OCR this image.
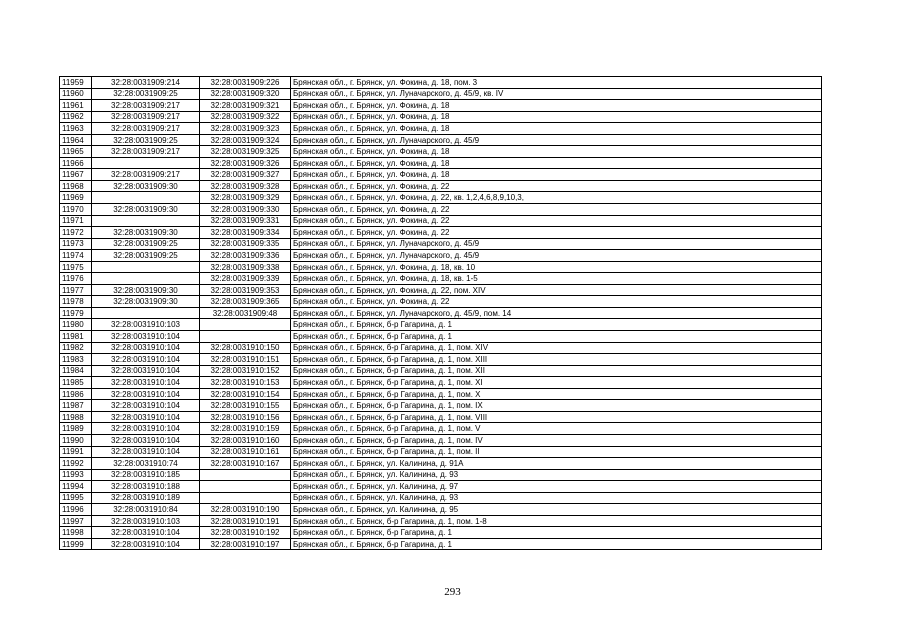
11959	32:28:0031909:214	32:28:0031909:226	Брянская обл., г. Брянск, ул. Фокина, д. 18, пом. 3
11960	32:28:0031909:25	32:28:0031909:320	Брянская обл., г. Брянск, ул. Луначарского, д. 45/9, кв. IV
11961	32:28:0031909:217	32:28:0031909:321	Брянская обл., г. Брянск, ул. Фокина, д. 18
11962	32:28:0031909:217	32:28:0031909:322	Брянская обл., г. Брянск, ул. Фокина, д. 18
11963	32:28:0031909:217	32:28:0031909:323	Брянская обл., г. Брянск, ул. Фокина, д. 18
11964	32:28:0031909:25	32:28:0031909:324	Брянская обл., г. Брянск, ул. Луначарского, д. 45/9
11965	32:28:0031909:217	32:28:0031909:325	Брянская обл., г. Брянск, ул. Фокина, д. 18
11966		32:28:0031909:326	Брянская обл., г. Брянск, ул. Фокина, д. 18
11967	32:28:0031909:217	32:28:0031909:327	Брянская обл., г. Брянск, ул. Фокина, д. 18
11968	32:28:0031909:30	32:28:0031909:328	Брянская обл., г. Брянск, ул. Фокина, д. 22
11969		32:28:0031909:329	Брянская обл., г. Брянск, ул. Фокина, д. 22, кв. 1,2,4,6,8,9,10,3,
11970	32:28:0031909:30	32:28:0031909:330	Брянская обл., г. Брянск, ул. Фокина, д. 22
11971		32:28:0031909:331	Брянская обл., г. Брянск, ул. Фокина, д. 22
11972	32:28:0031909:30	32:28:0031909:334	Брянская обл., г. Брянск, ул. Фокина, д. 22
11973	32:28:0031909:25	32:28:0031909:335	Брянская обл., г. Брянск, ул. Луначарского, д. 45/9
11974	32:28:0031909:25	32:28:0031909:336	Брянская обл., г. Брянск, ул. Луначарского, д. 45/9
11975		32:28:0031909:338	Брянская обл., г. Брянск, ул. Фокина, д. 18, кв. 10
11976		32:28:0031909:339	Брянская обл., г. Брянск, ул. Фокина, д. 18, кв. 1-5
11977	32:28:0031909:30	32:28:0031909:353	Брянская обл., г. Брянск, ул. Фокина, д. 22, пом. XIV
11978	32:28:0031909:30	32:28:0031909:365	Брянская обл., г. Брянск, ул. Фокина, д. 22
11979		32:28:0031909:48	Брянская обл., г. Брянск, ул. Луначарского, д. 45/9, пом. 14
11980	32:28:0031910:103		Брянская обл., г. Брянск, б-р Гагарина, д. 1
11981	32:28:0031910:104		Брянская обл., г. Брянск, б-р Гагарина, д. 1
11982	32:28:0031910:104	32:28:0031910:150	Брянская обл., г. Брянск, б-р Гагарина, д. 1, пом. XIV
11983	32:28:0031910:104	32:28:0031910:151	Брянская обл., г. Брянск, б-р Гагарина, д. 1, пом. XIII
11984	32:28:0031910:104	32:28:0031910:152	Брянская обл., г. Брянск, б-р Гагарина, д. 1, пом. XII
11985	32:28:0031910:104	32:28:0031910:153	Брянская обл., г. Брянск, б-р Гагарина, д. 1, пом. XI
11986	32:28:0031910:104	32:28:0031910:154	Брянская обл., г. Брянск, б-р Гагарина, д. 1, пом. X
11987	32:28:0031910:104	32:28:0031910:155	Брянская обл., г. Брянск, б-р Гагарина, д. 1, пом. IX
11988	32:28:0031910:104	32:28:0031910:156	Брянская обл., г. Брянск, б-р Гагарина, д. 1, пом. VIII
11989	32:28:0031910:104	32:28:0031910:159	Брянская обл., г. Брянск, б-р Гагарина, д. 1, пом. V
11990	32:28:0031910:104	32:28:0031910:160	Брянская обл., г. Брянск, б-р Гагарина, д. 1, пом. IV
11991	32:28:0031910:104	32:28:0031910:161	Брянская обл., г. Брянск, б-р Гагарина, д. 1, пом. II
11992	32:28:0031910:74	32:28:0031910:167	Брянская обл., г. Брянск, ул. Калинина, д. 91А
11993	32:28:0031910:185		Брянская обл., г. Брянск, ул. Калинина, д. 93
11994	32:28:0031910:188		Брянская обл., г. Брянск, ул. Калинина, д. 97
11995	32:28:0031910:189		Брянская обл., г. Брянск, ул. Калинина, д. 93
11996	32:28:0031910:84	32:28:0031910:190	Брянская обл., г. Брянск, ул. Калинина, д. 95
11997	32:28:0031910:103	32:28:0031910:191	Брянская обл., г. Брянск, б-р Гагарина, д. 1, пом. 1-8
11998	32:28:0031910:104	32:28:0031910:192	Брянская обл., г. Брянск, б-р Гагарина, д. 1
11999	32:28:0031910:104	32:28:0031910:197	Брянская обл., г. Брянск, б-р Гагарина, д. 1
293
